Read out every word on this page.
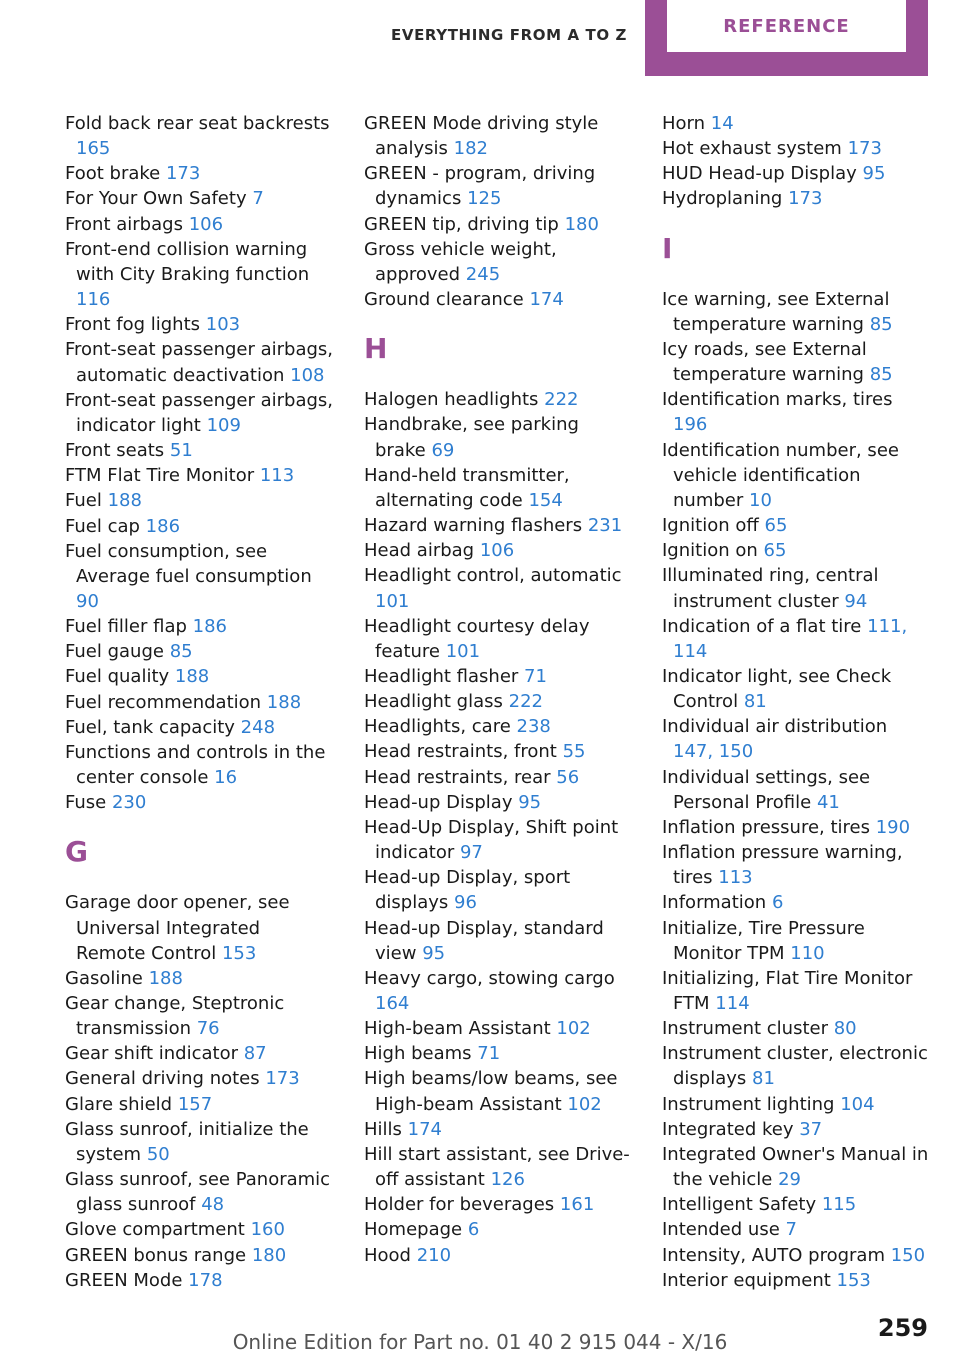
EVERYTHING FROM A TO Z	REFERENCE
Fold back rear seat backrests 165
Foot brake 173
For Your Own Safety 7
Front airbags 106
Front-end collision warning with City Braking function 116
Front fog lights 103
Front-seat passenger airbags, automatic deactivation 108
Front-seat passenger airbags, indicator light 109
Front seats 51
FTM Flat Tire Monitor 113
Fuel 188
Fuel cap 186
Fuel consumption, see Average fuel consumption 90
Fuel filler flap 186
Fuel gauge 85
Fuel quality 188
Fuel recommendation 188
Fuel, tank capacity 248
Functions and controls in the center console 16
Fuse 230
G
Garage door opener, see Universal Integrated Remote Control 153
Gasoline 188
Gear change, Steptronic transmission 76
Gear shift indicator 87
General driving notes 173
Glare shield 157
Glass sunroof, initialize the system 50
Glass sunroof, see Panoramic glass sunroof 48
Glove compartment 160
GREEN bonus range 180
GREEN Mode 178
GREEN Mode driving style analysis 182
GREEN - program, driving dynamics 125
GREEN tip, driving tip 180
Gross vehicle weight, approved 245
Ground clearance 174
H
Halogen headlights 222
Handbrake, see parking brake 69
Hand-held transmitter, alternating code 154
Hazard warning flashers 231
Head airbag 106
Headlight control, automatic 101
Headlight courtesy delay feature 101
Headlight flasher 71
Headlight glass 222
Headlights, care 238
Head restraints, front 55
Head restraints, rear 56
Head-up Display 95
Head-Up Display, Shift point indicator 97
Head-up Display, sport displays 96
Head-up Display, standard view 95
Heavy cargo, stowing cargo 164
High-beam Assistant 102
High beams 71
High beams/low beams, see High-beam Assistant 102
Hills 174
Hill start assistant, see Drive-off assistant 126
Holder for beverages 161
Homepage 6
Hood 210
Horn 14
Hot exhaust system 173
HUD Head-up Display 95
Hydroplaning 173
I
Ice warning, see External temperature warning 85
Icy roads, see External temperature warning 85
Identification marks, tires 196
Identification number, see vehicle identification number 10
Ignition off 65
Ignition on 65
Illuminated ring, central instrument cluster 94
Indication of a flat tire 111, 114
Indicator light, see Check Control 81
Individual air distribution 147, 150
Individual settings, see Personal Profile 41
Inflation pressure, tires 190
Inflation pressure warning, tires 113
Information 6
Initialize, Tire Pressure Monitor TPM 110
Initializing, Flat Tire Monitor FTM 114
Instrument cluster 80
Instrument cluster, electronic displays 81
Instrument lighting 104
Integrated key 37
Integrated Owner's Manual in the vehicle 29
Intelligent Safety 115
Intended use 7
Intensity, AUTO program 150
Interior equipment 153
259
Online Edition for Part no. 01 40 2 915 044 - X/16
